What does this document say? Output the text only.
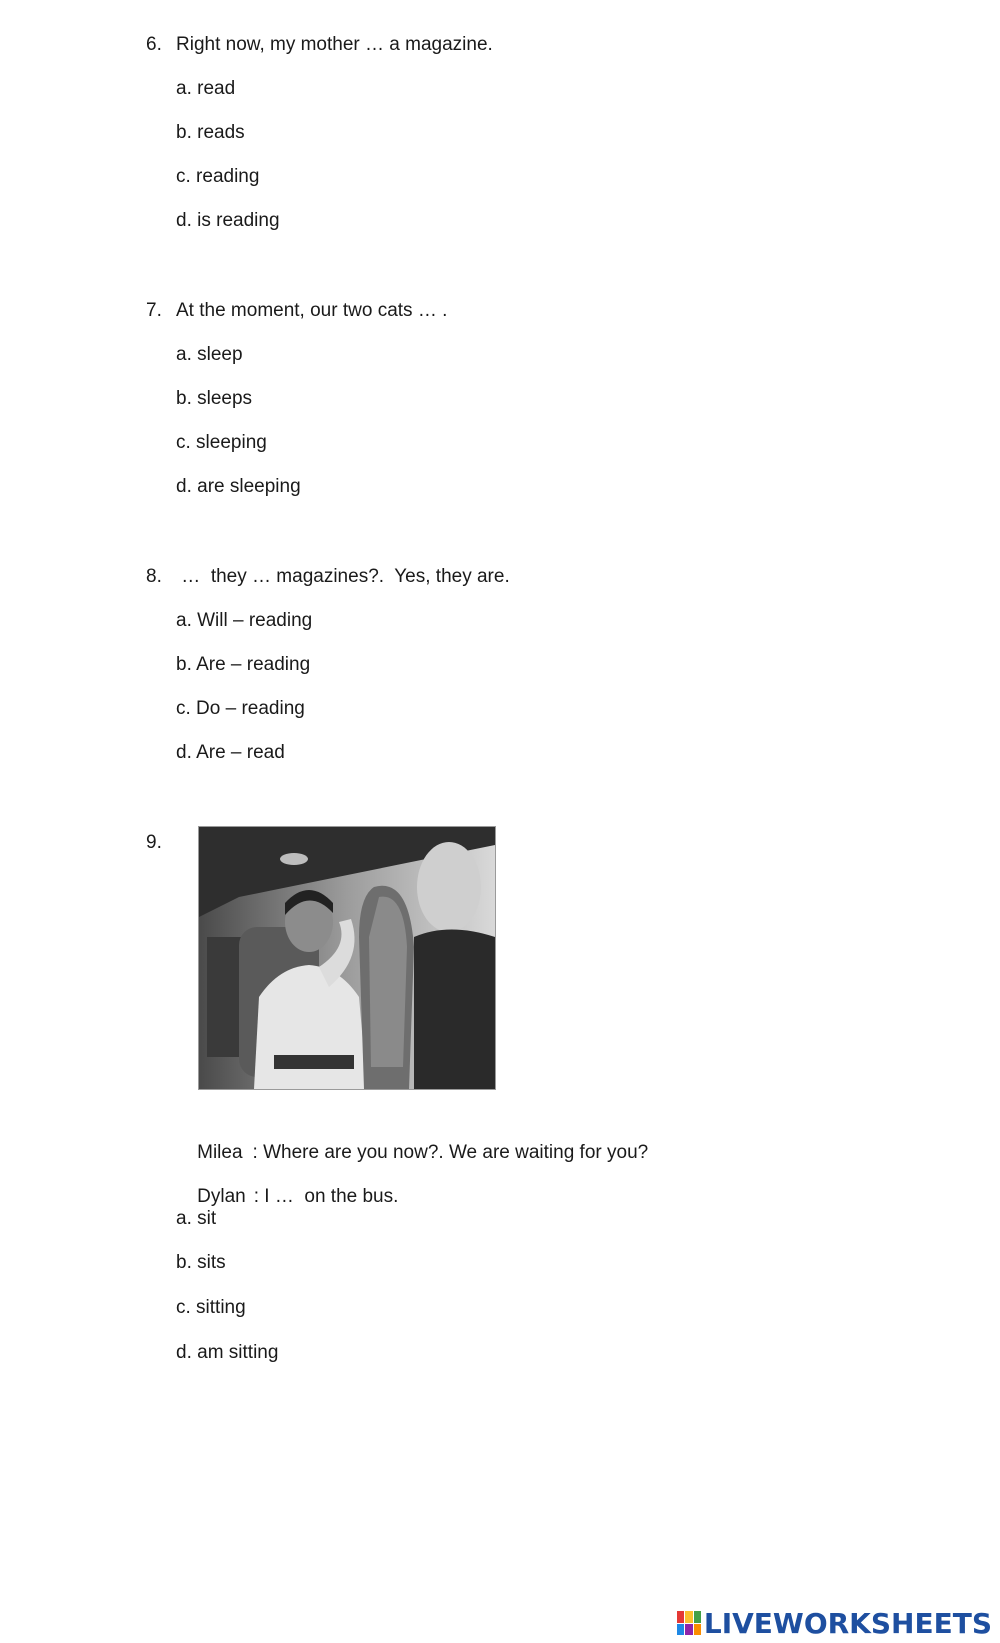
6. Right now, my mother … a magazine.
a. read
b. reads
c. reading
d. is reading
7. At the moment, our two cats … .
a. sleep
b. sleeps
c. sleeping
d. are sleeping
8. …  they … magazines?.  Yes, they are.
a. Will – reading
b. Are – reading
c. Do – reading
d. Are – read
9.

Milea : Where are you now?. We are waiting for you?

Dylan : I …  on the bus.

a. sit
b. sits
c. sitting
d. am sitting
LIVEWORKSHEETS
